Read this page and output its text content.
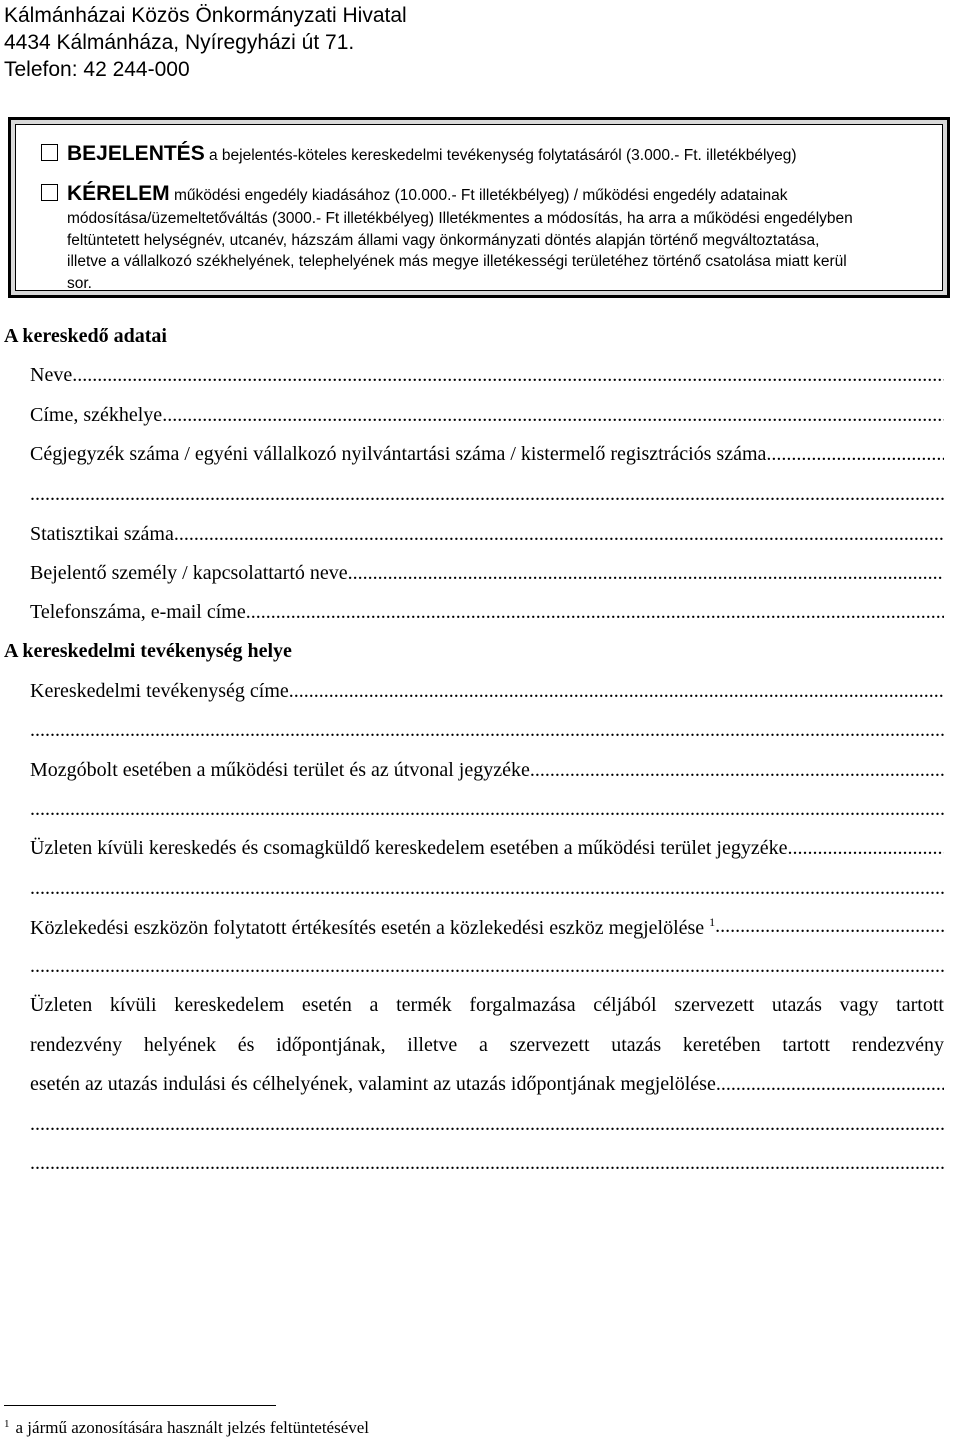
Kálmánházai Közös Önkormányzati Hivatal
4434 Kálmánháza, Nyíregyházi út 71.
Telefon: 42 244-000
BEJELENTÉS a bejelentés-köteles kereskedelmi tevékenység folytatásáról (3.000.- Ft. illetékbélyeg)
KÉRELEM működési engedély kiadásához (10.000.- Ft illetékbélyeg) / működési engedély adatainak
módosítása/üzemeltetőváltás (3000.- Ft illetékbélyeg) Illetékmentes a módosítás, ha arra a működési engedélyben
feltüntetett helységnév, utcanév, házszám állami vagy önkormányzati döntés alapján történő megváltoztatása,
illetve a vállalkozó székhelyének, telephelyének más megye illetékességi területéhez történő csatolása miatt kerül
sor.
A kereskedő adatai
Neve
.....
Címe, székhelye
.....
Cégjegyzék száma / egyéni vállalkozó nyilvántartási száma / kistermelő regisztrációs száma
.....
.....
Statisztikai száma
.....
Bejelentő személy / kapcsolattartó neve
.....
Telefonszáma, e-mail címe
.....
A kereskedelmi tevékenység helye
Kereskedelmi tevékenység címe
.....
.....
Mozgóbolt esetében a működési terület és az útvonal jegyzéke
.....
.....
Üzleten kívüli kereskedés és csomagküldő kereskedelem esetében a működési terület jegyzéke
.....
.....
Közlekedési eszközön folytatott értékesítés esetén a közlekedési eszköz megjelölése $^1$
.....
.....
Üzleten kívüli kereskedelem esetén a termék forgalmazása céljából szervezett utazás vagy tartott
rendezvény helyének és időpontjának, illetve a szervezett utazás keretében tartott rendezvény
esetén az utazás indulási és célhelyének, valamint az utazás időpontjának megjelölése
.....
.....
.....
$^1$ a jármű azonosítására használt jelzés feltüntetésével
